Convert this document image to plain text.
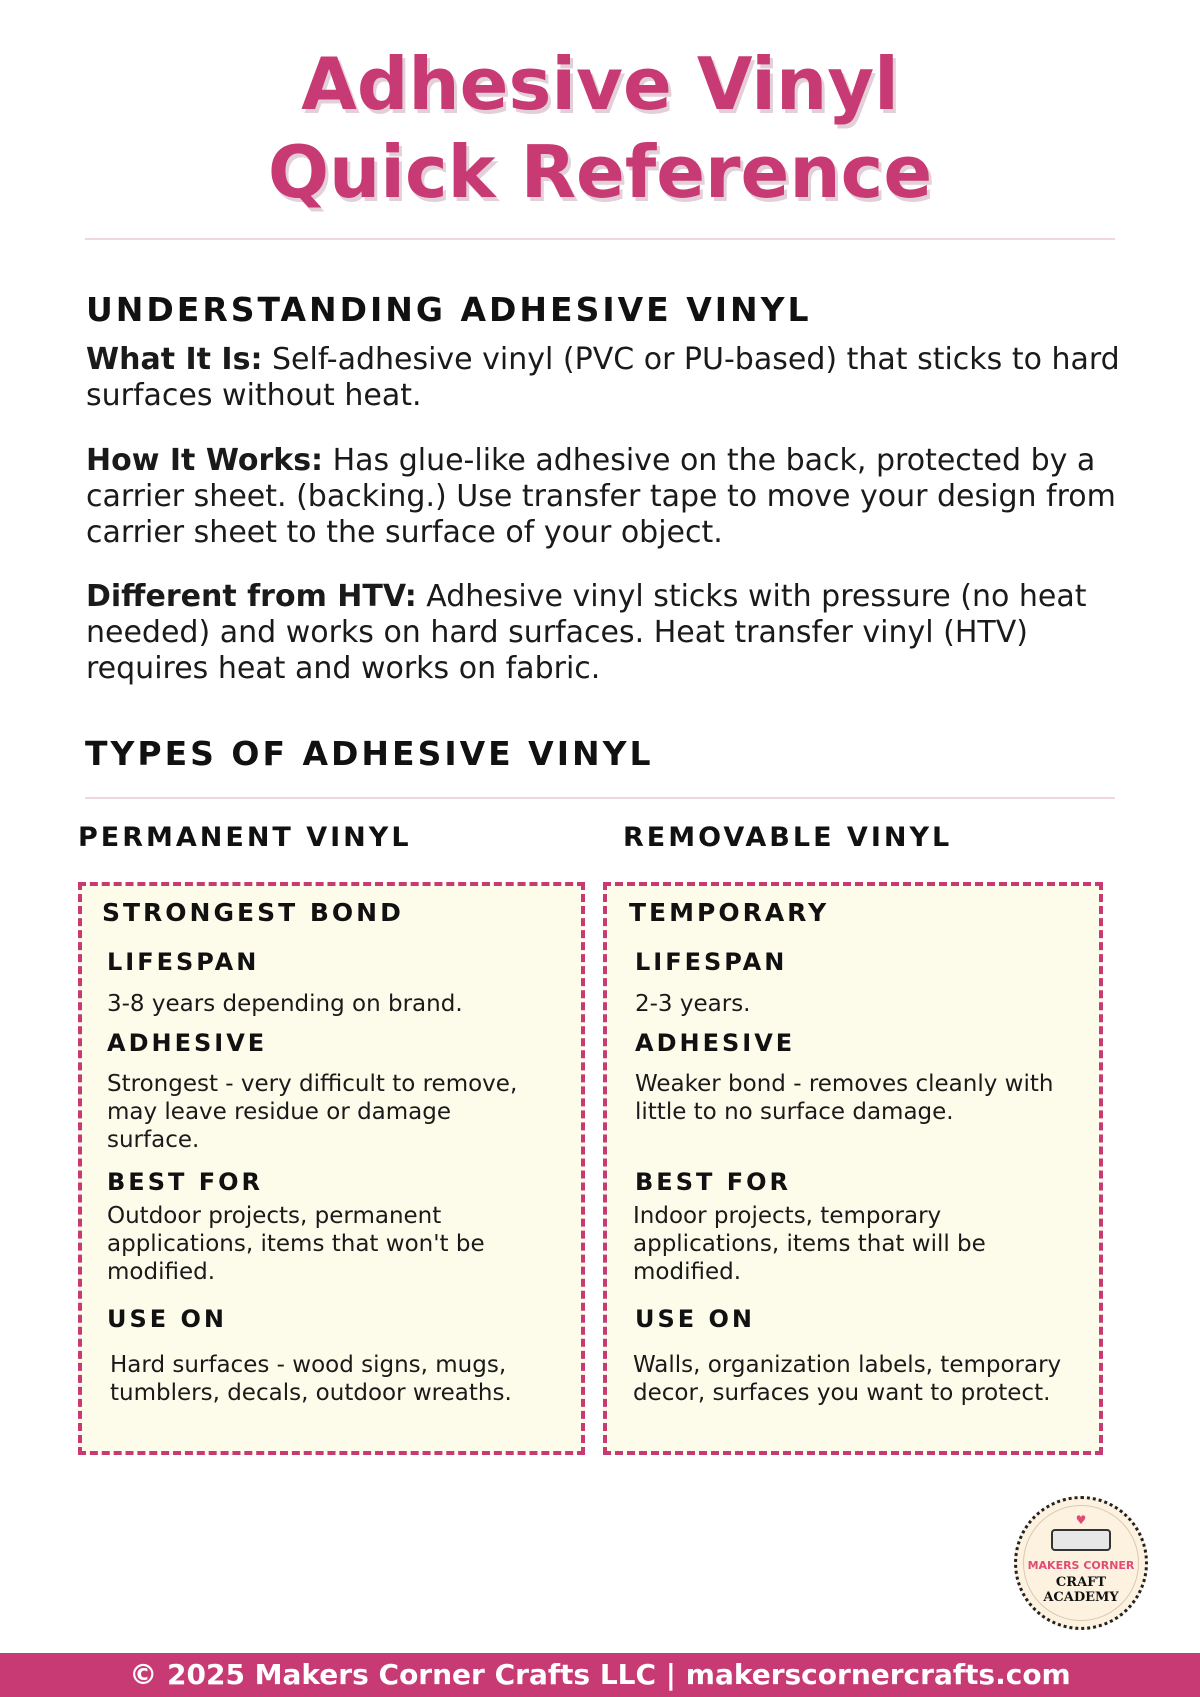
Adhesive Vinyl
Quick Reference
UNDERSTANDING ADHESIVE VINYL

What It Is: Self-adhesive vinyl (PVC or PU-based) that sticks to hard surfaces without heat.

How It Works: Has glue-like adhesive on the back, protected by a carrier sheet. (backing.) Use transfer tape to move your design from carrier sheet to the surface of your object.

Different from HTV: Adhesive vinyl sticks with pressure (no heat needed) and works on hard surfaces. Heat transfer vinyl (HTV) requires heat and works on fabric.

TYPES OF ADHESIVE VINYL
PERMANENT VINYL	REMOVABLE VINYL
STRONGEST BOND
LIFESPAN
3-8 years depending on brand.
ADHESIVE
Strongest - very difficult to remove, may leave residue or damage surface.
BEST FOR
Outdoor projects, permanent applications, items that won't be modified.
USE ON
Hard surfaces - wood signs, mugs, tumblers, decals, outdoor wreaths.
TEMPORARY
LIFESPAN
2-3 years.
ADHESIVE
Weaker bond - removes cleanly with little to no surface damage.
BEST FOR
Indoor projects, temporary applications, items that will be modified.
USE ON
Walls, organization labels, temporary decor, surfaces you want to protect.
♥
MAKERS CORNER
CRAFT
ACADEMY
© 2025 Makers Corner Crafts LLC | makerscornercrafts.com
